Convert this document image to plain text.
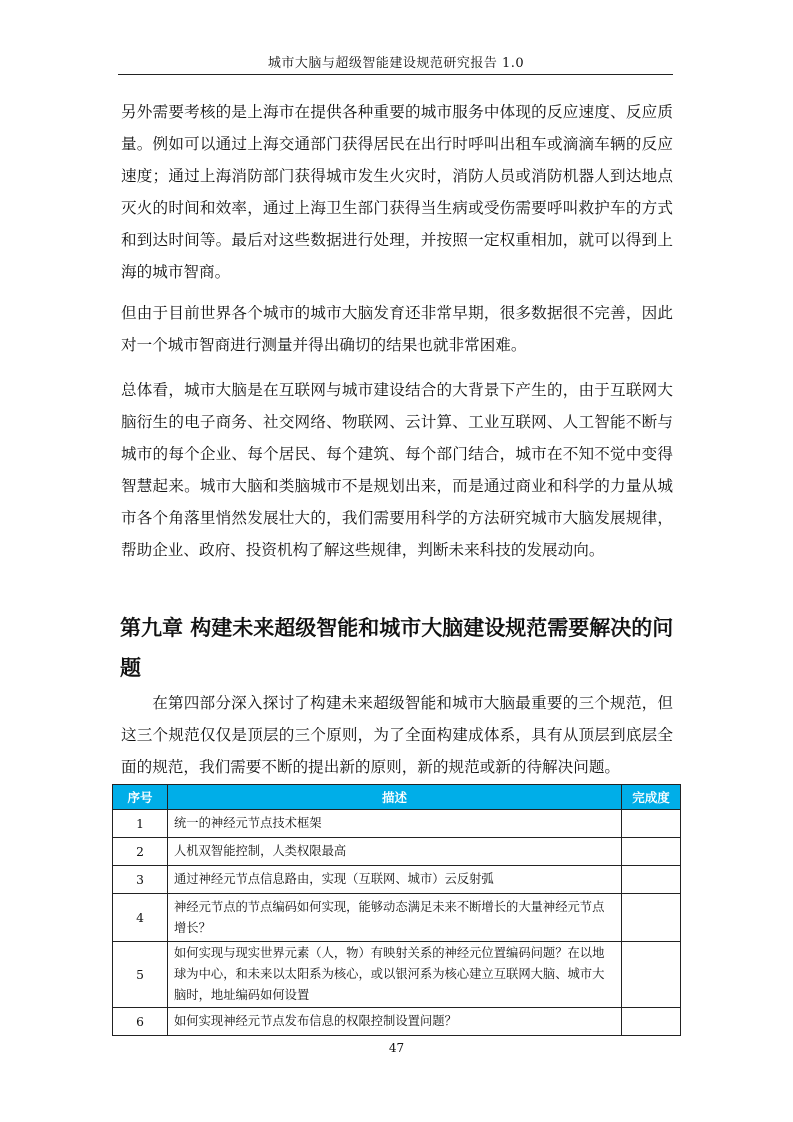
城市大脑与超级智能建设规范研究报告 1.0

另外需要考核的是上海市在提供各种重要的城市服务中体现的反应速度、反应质量。例如可以通过上海交通部门获得居民在出行时呼叫出租车或滴滴车辆的反应速度；通过上海消防部门获得城市发生火灾时，消防人员或消防机器人到达地点灭火的时间和效率，通过上海卫生部门获得当生病或受伤需要呼叫救护车的方式和到达时间等。最后对这些数据进行处理，并按照一定权重相加，就可以得到上海的城市智商。

但由于目前世界各个城市的城市大脑发育还非常早期，很多数据很不完善，因此对一个城市智商进行测量并得出确切的结果也就非常困难。

总体看，城市大脑是在互联网与城市建设结合的大背景下产生的，由于互联网大脑衍生的电子商务、社交网络、物联网、云计算、工业互联网、人工智能不断与城市的每个企业、每个居民、每个建筑、每个部门结合，城市在不知不觉中变得智慧起来。城市大脑和类脑城市不是规划出来，而是通过商业和科学的力量从城市各个角落里悄然发展壮大的，我们需要用科学的方法研究城市大脑发展规律，帮助企业、政府、投资机构了解这些规律，判断未来科技的发展动向。

第九章 构建未来超级智能和城市大脑建设规范需要解决的问题

在第四部分深入探讨了构建未来超级智能和城市大脑最重要的三个规范，但这三个规范仅仅是顶层的三个原则，为了全面构建成体系，具有从顶层到底层全面的规范，我们需要不断的提出新的原则，新的规范或新的待解决问题。

序号	描述	完成度
1	统一的神经元节点技术框架	
2	人机双智能控制，人类权限最高	
3	通过神经元节点信息路由，实现（互联网、城市）云反射弧	
4	神经元节点的节点编码如何实现，能够动态满足未来不断增长的大量神经元节点增长？	
5	如何实现与现实世界元素（人，物）有映射关系的神经元位置编码问题？在以地球为中心，和未来以太阳系为核心，或以银河系为核心建立互联网大脑、城市大脑时，地址编码如何设置	
6	如何实现神经元节点发布信息的权限控制设置问题？	
47
